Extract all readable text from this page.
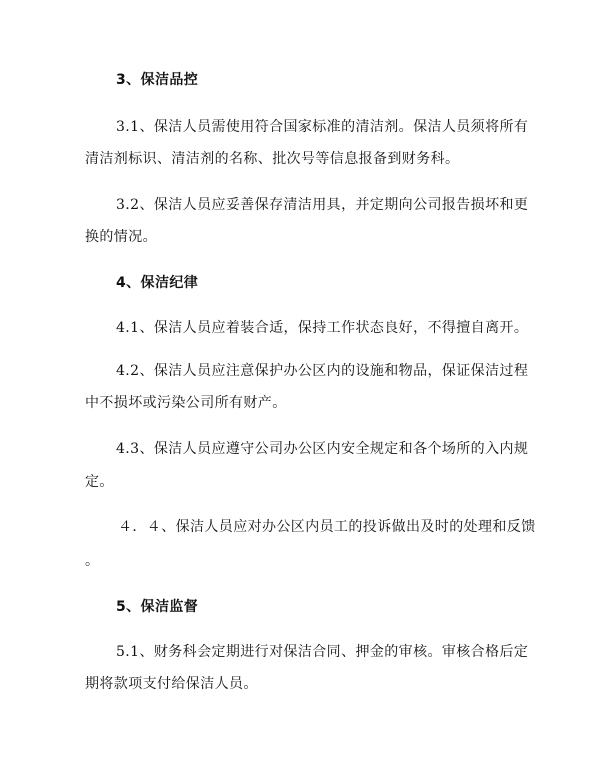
3、保洁品控
3.1、保洁人员需使用符合国家标准的清洁剂。保洁人员须将所有
清洁剂标识、清洁剂的名称、批次号等信息报备到财务科。
3.2、保洁人员应妥善保存清洁用具，并定期向公司报告损坏和更
换的情况。
4、保洁纪律
4.1、保洁人员应着装合适，保持工作状态良好，不得擅自离开。
4.2、保洁人员应注意保护办公区内的设施和物品，保证保洁过程
中不损坏或污染公司所有财产。
4.3、保洁人员应遵守公司办公区内安全规定和各个场所的入内规
定。
４．４、保洁人员应对办公区内员工的投诉做出及时的处理和反馈
。
5、保洁监督
5.1、财务科会定期进行对保洁合同、押金的审核。审核合格后定
期将款项支付给保洁人员。
